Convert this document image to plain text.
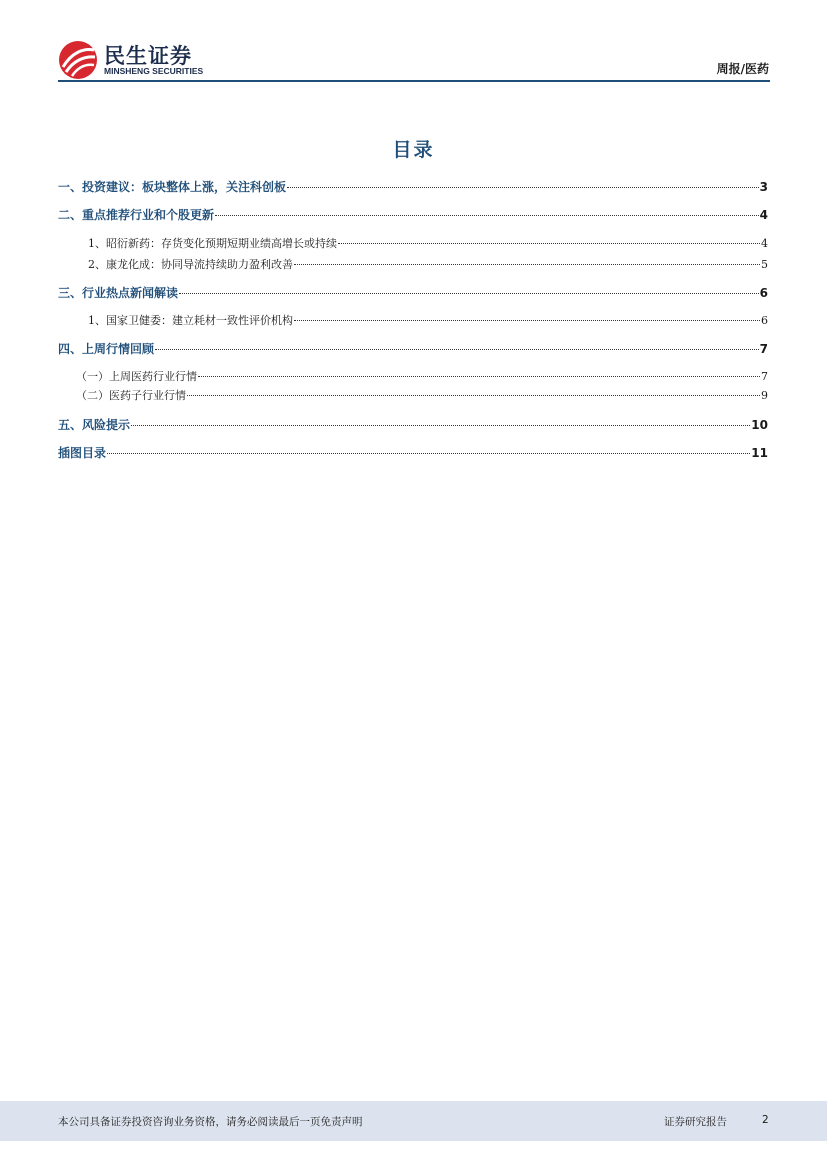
民生证券
MINSHENG SECURITIES	周报/医药
目录
一、投资建议：板块整体上涨，关注科创板	3
二、重点推荐行业和个股更新	4
1、昭衍新药：存货变化预期短期业绩高增长或持续	4
2、康龙化成：协同导流持续助力盈利改善	5
三、行业热点新闻解读	6
1、国家卫健委：建立耗材一致性评价机构	6
四、上周行情回顾	7
（一）上周医药行业行情	7
（二）医药子行业行情	9
五、风险提示	10
插图目录	11
本公司具备证券投资咨询业务资格，请务必阅读最后一页免责声明	证券研究报告	2
